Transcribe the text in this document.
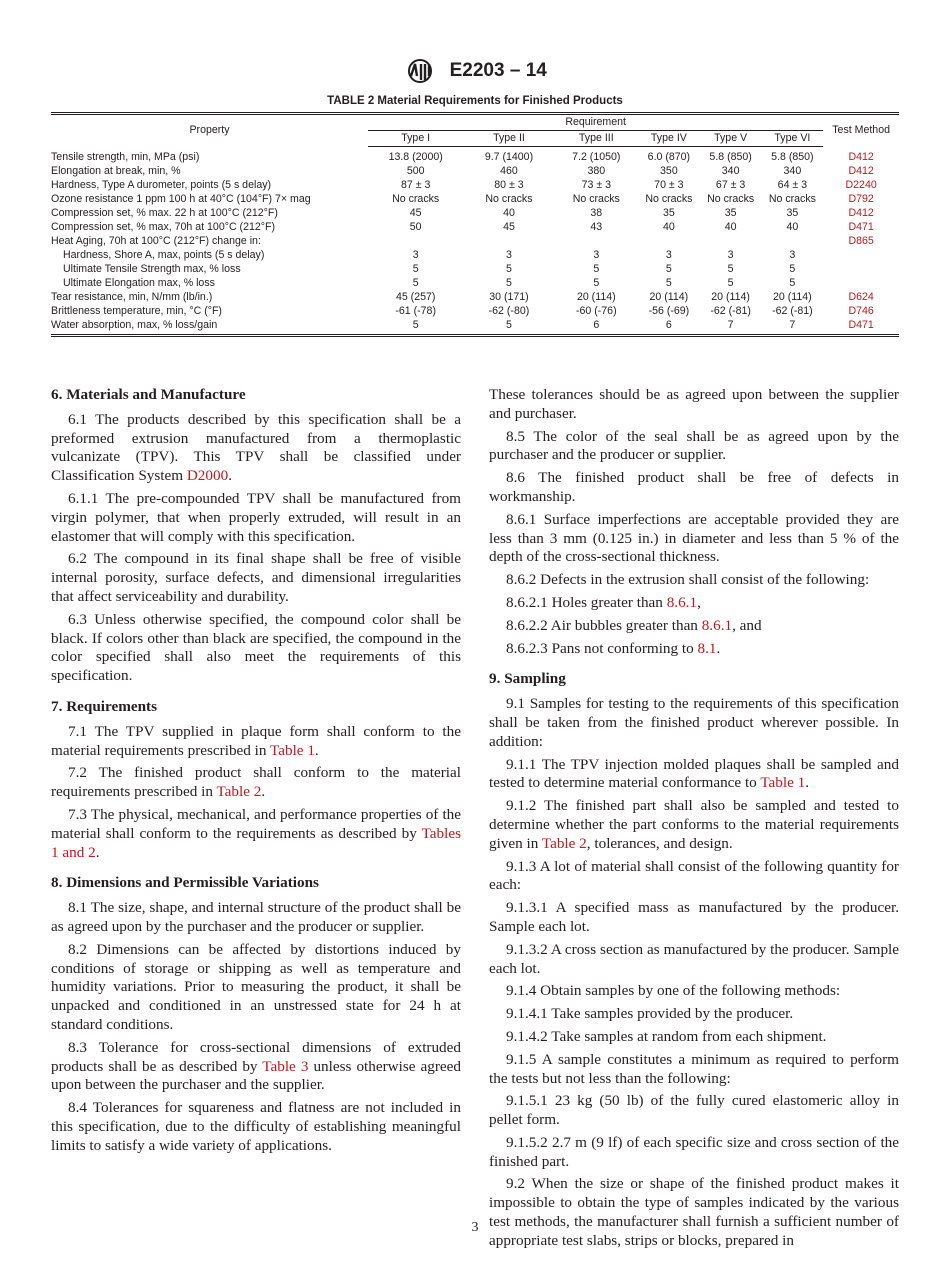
E2203 – 14
TABLE 2 Material Requirements for Finished Products
Property	Requirement						Test Method
	Type I	Type II	Type III	Type IV	Type V	Type VI	
Tensile strength, min, MPa (psi)	13.8 (2000)	9.7 (1400)	7.2 (1050)	6.0 (870)	5.8 (850)	5.8 (850)	D412
Elongation at break, min, %	500	460	380	350	340	340	D412
Hardness, Type A durometer, points (5 s delay)	87 ± 3	80 ± 3	73 ± 3	70 ± 3	67 ± 3	64 ± 3	D2240
Ozone resistance 1 ppm 100 h at 40°C (104°F) 7× mag	No cracks	No cracks	No cracks	No cracks	No cracks	No cracks	D792
Compression set, % max. 22 h at 100°C (212°F)	45	40	38	35	35	35	D412
Compression set, % max, 70h at 100°C (212°F)	50	45	43	40	40	40	D471
Heat Aging, 70h at 100°C (212°F) change in:							D865
Hardness, Shore A, max, points (5 s delay)	3	3	3	3	3	3	
Ultimate Tensile Strength max, % loss	5	5	5	5	5	5	
Ultimate Elongation max, % loss	5	5	5	5	5	5	
Tear resistance, min, N/mm (lb/in.)	45 (257)	30 (171)	20 (114)	20 (114)	20 (114)	20 (114)	D624
Brittleness temperature, min, °C (°F)	-61 (-78)	-62 (-80)	-60 (-76)	-56 (-69)	-62 (-81)	-62 (-81)	D746
Water absorption, max, % loss/gain	5	5	6	6	7	7	D471
6. Materials and Manufacture

6.1 The products described by this specification shall be a preformed extrusion manufactured from a thermoplastic vulcanizate (TPV). This TPV shall be classified under Classification System D2000.

6.1.1 The pre-compounded TPV shall be manufactured from virgin polymer, that when properly extruded, will result in an elastomer that will comply with this specification.

6.2 The compound in its final shape shall be free of visible internal porosity, surface defects, and dimensional irregularities that affect serviceability and durability.

6.3 Unless otherwise specified, the compound color shall be black. If colors other than black are specified, the compound in the color specified shall also meet the requirements of this specification.

7. Requirements

7.1 The TPV supplied in plaque form shall conform to the material requirements prescribed in Table 1.

7.2 The finished product shall conform to the material requirements prescribed in Table 2.

7.3 The physical, mechanical, and performance properties of the material shall conform to the requirements as described by Tables 1 and 2.

8. Dimensions and Permissible Variations

8.1 The size, shape, and internal structure of the product shall be as agreed upon by the purchaser and the producer or supplier.

8.2 Dimensions can be affected by distortions induced by conditions of storage or shipping as well as temperature and humidity variations. Prior to measuring the product, it shall be unpacked and conditioned in an unstressed state for 24 h at standard conditions.

8.3 Tolerance for cross-sectional dimensions of extruded products shall be as described by Table 3 unless otherwise agreed upon between the purchaser and the supplier.

8.4 Tolerances for squareness and flatness are not included in this specification, due to the difficulty of establishing meaningful limits to satisfy a wide variety of applications.

These tolerances should be as agreed upon between the supplier and purchaser.

8.5 The color of the seal shall be as agreed upon by the purchaser and the producer or supplier.

8.6 The finished product shall be free of defects in workmanship.

8.6.1 Surface imperfections are acceptable provided they are less than 3 mm (0.125 in.) in diameter and less than 5 % of the depth of the cross-sectional thickness.

8.6.2 Defects in the extrusion shall consist of the following:

8.6.2.1 Holes greater than 8.6.1,

8.6.2.2 Air bubbles greater than 8.6.1, and

8.6.2.3 Pans not conforming to 8.1.

9. Sampling

9.1 Samples for testing to the requirements of this specification shall be taken from the finished product wherever possible. In addition:

9.1.1 The TPV injection molded plaques shall be sampled and tested to determine material conformance to Table 1.

9.1.2 The finished part shall also be sampled and tested to determine whether the part conforms to the material requirements given in Table 2, tolerances, and design.

9.1.3 A lot of material shall consist of the following quantity for each:

9.1.3.1 A specified mass as manufactured by the producer. Sample each lot.

9.1.3.2 A cross section as manufactured by the producer. Sample each lot.

9.1.4 Obtain samples by one of the following methods:

9.1.4.1 Take samples provided by the producer.

9.1.4.2 Take samples at random from each shipment.

9.1.5 A sample constitutes a minimum as required to perform the tests but not less than the following:

9.1.5.1 23 kg (50 lb) of the fully cured elastomeric alloy in pellet form.

9.1.5.2 2.7 m (9 lf) of each specific size and cross section of the finished part.

9.2 When the size or shape of the finished product makes it impossible to obtain the type of samples indicated by the various test methods, the manufacturer shall furnish a sufficient number of appropriate test slabs, strips or blocks, prepared in

3
